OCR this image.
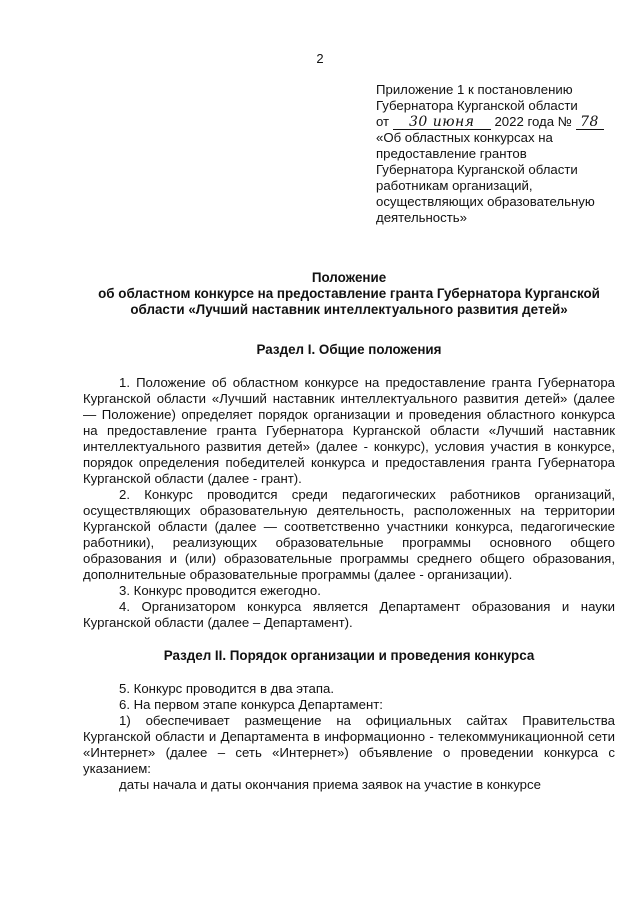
2
Приложение 1 к постановлению
Губернатора Курганской области
от 30 июня 2022 года № 78
«Об областных конкурсах на
предоставление грантов
Губернатора Курганской области
работникам организаций,
осуществляющих образовательную
деятельность»
Положение
об областном конкурсе на предоставление гранта Губернатора Курганской
области «Лучший наставник интеллектуального развития детей»
Раздел I. Общие положения

1. Положение об областном конкурсе на предоставление гранта Губернатора Курганской области «Лучший наставник интеллектуального развития детей» (далее — Положение) определяет порядок организации и проведения областного конкурса на предоставление гранта Губернатора Курганской области «Лучший наставник интеллектуального развития детей» (далее - конкурс), условия участия в конкурсе, порядок определения победителей конкурса и предоставления гранта Губернатора Курганской области (далее - грант).

2. Конкурс проводится среди педагогических работников организаций, осуществляющих образовательную деятельность, расположенных на территории Курганской области (далее — соответственно участники конкурса, педагогические работники), реализующих образовательные программы основного общего образования и (или) образовательные программы среднего общего образования, дополнительные образовательные программы (далее - организации).

3. Конкурс проводится ежегодно.

4. Организатором конкурса является Департамент образования и науки Курганской области (далее – Департамент).

Раздел II. Порядок организации и проведения конкурса

5. Конкурс проводится в два этапа.

6. На первом этапе конкурса Департамент:

1) обеспечивает размещение на официальных сайтах Правительства Курганской области и Департамента в информационно - телекоммуникационной сети «Интернет» (далее – сеть «Интернет») объявление о проведении конкурса с указанием:

даты начала и даты окончания приема заявок на участие в конкурсе
